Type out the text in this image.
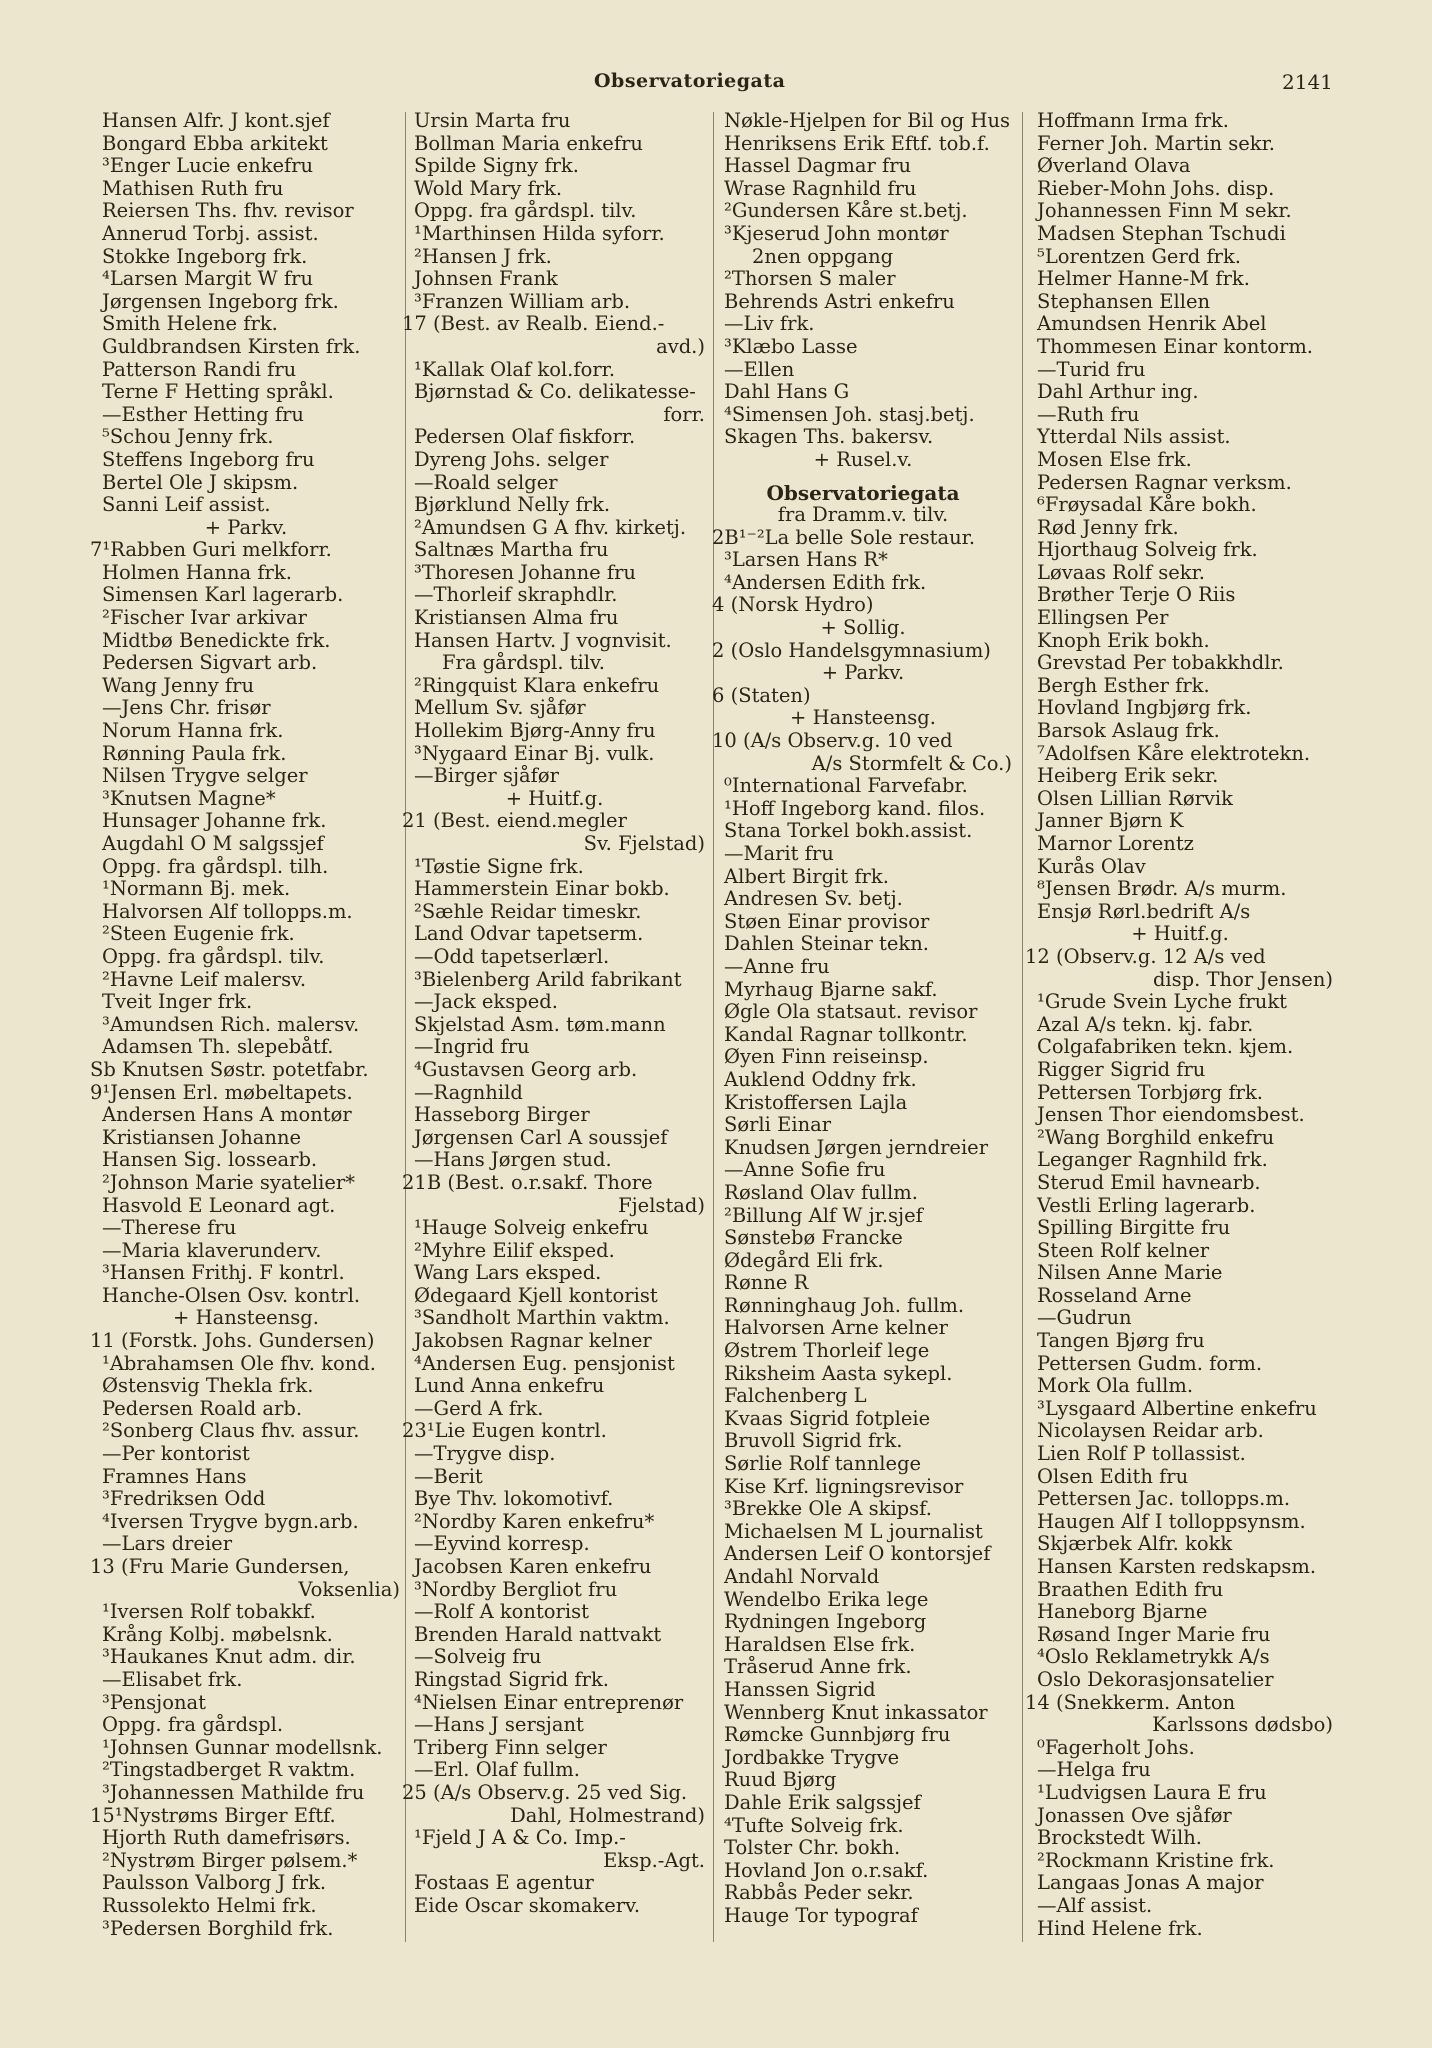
Observatoriegata	2141
Hansen Alfr. J kont.sjef
Bongard Ebba arkitekt
³Enger Lucie enkefru
Mathisen Ruth fru
Reiersen Ths. fhv. revisor
Annerud Torbj. assist.
Stokke Ingeborg frk.
⁴Larsen Margit W fru
Jørgensen Ingeborg frk.
Smith Helene frk.
Guldbrandsen Kirsten frk.
Patterson Randi fru
Terne F Hetting språkl.
—Esther Hetting fru
⁵Schou Jenny frk.
Steffens Ingeborg fru
Bertel Ole J skipsm.
Sanni Leif assist.
+ Parkv.
7¹Rabben Guri melkforr.
Holmen Hanna frk.
Simensen Karl lagerarb.
²Fischer Ivar arkivar
Midtbø Benedickte frk.
Pedersen Sigvart arb.
Wang Jenny fru
—Jens Chr. frisør
Norum Hanna frk.
Rønning Paula frk.
Nilsen Trygve selger
³Knutsen Magne*
Hunsager Johanne frk.
Augdahl O M salgssjef
Oppg. fra gårdspl. tilh.
¹Normann Bj. mek.
Halvorsen Alf tollopps.m.
²Steen Eugenie frk.
Oppg. fra gårdspl. tilv.
²Havne Leif malersv.
Tveit Inger frk.
³Amundsen Rich. malersv.
Adamsen Th. slepebåtf.
Sb Knutsen Søstr. potetfabr.
9¹Jensen Erl. møbeltapets.
Andersen Hans A montør
Kristiansen Johanne
Hansen Sig. lossearb.
²Johnson Marie syatelier*
Hasvold E Leonard agt.
—Therese fru
—Maria klaverunderv.
³Hansen Frithj. F kontrl.
Hanche-Olsen Osv. kontrl.
+ Hansteensg.
11 (Forstk. Johs. Gundersen)
¹Abrahamsen Ole fhv. kond.
Østensvig Thekla frk.
Pedersen Roald arb.
²Sonberg Claus fhv. assur.
—Per kontorist
Framnes Hans
³Fredriksen Odd
⁴Iversen Trygve bygn.arb.
—Lars dreier
13 (Fru Marie Gundersen,
Voksenlia)
¹Iversen Rolf tobakkf.
Krång Kolbj. møbelsnk.
³Haukanes Knut adm. dir.
—Elisabet frk.
³Pensjonat
Oppg. fra gårdspl.
¹Johnsen Gunnar modellsnk.
²Tingstadberget R vaktm.
³Johannessen Mathilde fru
15¹Nystrøms Birger Eftf.
Hjorth Ruth damefrisørs.
²Nystrøm Birger pølsem.*
Paulsson Valborg J frk.
Russolekto Helmi frk.
³Pedersen Borghild frk.
Ursin Marta fru
Bollman Maria enkefru
Spilde Signy frk.
Wold Mary frk.
Oppg. fra gårdspl. tilv.
¹Marthinsen Hilda syforr.
²Hansen J frk.
Johnsen Frank
³Franzen William arb.
17 (Best. av Realb. Eiend.-
avd.)
¹Kallak Olaf kol.forr.
Bjørnstad & Co. delikatesse-
forr.
Pedersen Olaf fiskforr.
Dyreng Johs. selger
—Roald selger
Bjørklund Nelly frk.
²Amundsen G A fhv. kirketj.
Saltnæs Martha fru
³Thoresen Johanne fru
—Thorleif skraphdlr.
Kristiansen Alma fru
Hansen Hartv. J vognvisit.
Fra gårdspl. tilv.
²Ringquist Klara enkefru
Mellum Sv. sjåfør
Hollekim Bjørg-Anny fru
³Nygaard Einar Bj. vulk.
—Birger sjåfør
+ Huitf.g.
21 (Best. eiend.megler
Sv. Fjelstad)
¹Tøstie Signe frk.
Hammerstein Einar bokb.
²Sæhle Reidar timeskr.
Land Odvar tapetserm.
—Odd tapetserlærl.
³Bielenberg Arild fabrikant
—Jack eksped.
Skjelstad Asm. tøm.mann
—Ingrid fru
⁴Gustavsen Georg arb.
—Ragnhild
Hasseborg Birger
Jørgensen Carl A soussjef
—Hans Jørgen stud.
21B (Best. o.r.sakf. Thore
Fjelstad)
¹Hauge Solveig enkefru
²Myhre Eilif eksped.
Wang Lars eksped.
Ødegaard Kjell kontorist
³Sandholt Marthin vaktm.
Jakobsen Ragnar kelner
⁴Andersen Eug. pensjonist
Lund Anna enkefru
—Gerd A frk.
23¹Lie Eugen kontrl.
—Trygve disp.
—Berit
Bye Thv. lokomotivf.
²Nordby Karen enkefru*
—Eyvind korresp.
Jacobsen Karen enkefru
³Nordby Bergliot fru
—Rolf A kontorist
Brenden Harald nattvakt
—Solveig fru
Ringstad Sigrid frk.
⁴Nielsen Einar entreprenør
—Hans J sersjant
Triberg Finn selger
—Erl. Olaf fullm.
25 (A/s Observ.g. 25 ved Sig.
Dahl, Holmestrand)
¹Fjeld J A & Co. Imp.-
Eksp.-Agt.
Fostaas E agentur
Eide Oscar skomakerv.
Nøkle-Hjelpen for Bil og Hus
Henriksens Erik Eftf. tob.f.
Hassel Dagmar fru
Wrase Ragnhild fru
²Gundersen Kåre st.betj.
³Kjeserud John montør
2nen oppgang
²Thorsen S maler
Behrends Astri enkefru
—Liv frk.
³Klæbo Lasse
—Ellen
Dahl Hans G
⁴Simensen Joh. stasj.betj.
Skagen Ths. bakersv.
+ Rusel.v.
Observatoriegata
fra Dramm.v. tilv.
2B¹⁻²La belle Sole restaur.
³Larsen Hans R*
⁴Andersen Edith frk.
4 (Norsk Hydro)
+ Sollig.
2 (Oslo Handelsgymnasium)
+ Parkv.
6 (Staten)
+ Hansteensg.
10 (A/s Observ.g. 10 ved
A/s Stormfelt & Co.)
⁰International Farvefabr.
¹Hoff Ingeborg kand. filos.
Stana Torkel bokh.assist.
—Marit fru
Albert Birgit frk.
Andresen Sv. betj.
Støen Einar provisor
Dahlen Steinar tekn.
—Anne fru
Myrhaug Bjarne sakf.
Øgle Ola statsaut. revisor
Kandal Ragnar tollkontr.
Øyen Finn reiseinsp.
Auklend Oddny frk.
Kristoffersen Lajla
Sørli Einar
Knudsen Jørgen jerndreier
—Anne Sofie fru
Røsland Olav fullm.
²Billung Alf W jr.sjef
Sønstebø Francke
Ødegård Eli frk.
Rønne R
Rønninghaug Joh. fullm.
Halvorsen Arne kelner
Østrem Thorleif lege
Riksheim Aasta sykepl.
Falchenberg L
Kvaas Sigrid fotpleie
Bruvoll Sigrid frk.
Sørlie Rolf tannlege
Kise Krf. ligningsrevisor
³Brekke Ole A skipsf.
Michaelsen M L journalist
Andersen Leif O kontorsjef
Andahl Norvald
Wendelbo Erika lege
Rydningen Ingeborg
Haraldsen Else frk.
Tråserud Anne frk.
Hanssen Sigrid
Wennberg Knut inkassator
Rømcke Gunnbjørg fru
Jordbakke Trygve
Ruud Bjørg
Dahle Erik salgssjef
⁴Tufte Solveig frk.
Tolster Chr. bokh.
Hovland Jon o.r.sakf.
Rabbås Peder sekr.
Hauge Tor typograf
Hoffmann Irma frk.
Ferner Joh. Martin sekr.
Øverland Olava
Rieber-Mohn Johs. disp.
Johannessen Finn M sekr.
Madsen Stephan Tschudi
⁵Lorentzen Gerd frk.
Helmer Hanne-M frk.
Stephansen Ellen
Amundsen Henrik Abel
Thommesen Einar kontorm.
—Turid fru
Dahl Arthur ing.
—Ruth fru
Ytterdal Nils assist.
Mosen Else frk.
Pedersen Ragnar verksm.
⁶Frøysadal Kåre bokh.
Rød Jenny frk.
Hjorthaug Solveig frk.
Løvaas Rolf sekr.
Brøther Terje O Riis
Ellingsen Per
Knoph Erik bokh.
Grevstad Per tobakkhdlr.
Bergh Esther frk.
Hovland Ingbjørg frk.
Barsok Aslaug frk.
⁷Adolfsen Kåre elektrotekn.
Heiberg Erik sekr.
Olsen Lillian Rørvik
Janner Bjørn K
Marnor Lorentz
Kurås Olav
⁸Jensen Brødr. A/s murm.
Ensjø Rørl.bedrift A/s
+ Huitf.g.
12 (Observ.g. 12 A/s ved
disp. Thor Jensen)
¹Grude Svein Lyche frukt
Azal A/s tekn. kj. fabr.
Colgafabriken tekn. kjem.
Rigger Sigrid fru
Pettersen Torbjørg frk.
Jensen Thor eiendomsbest.
²Wang Borghild enkefru
Leganger Ragnhild frk.
Sterud Emil havnearb.
Vestli Erling lagerarb.
Spilling Birgitte fru
Steen Rolf kelner
Nilsen Anne Marie
Rosseland Arne
—Gudrun
Tangen Bjørg fru
Pettersen Gudm. form.
Mork Ola fullm.
³Lysgaard Albertine enkefru
Nicolaysen Reidar arb.
Lien Rolf P tollassist.
Olsen Edith fru
Pettersen Jac. tollopps.m.
Haugen Alf I tolloppsynsm.
Skjærbek Alfr. kokk
Hansen Karsten redskapsm.
Braathen Edith fru
Haneborg Bjarne
Røsand Inger Marie fru
⁴Oslo Reklametrykk A/s
Oslo Dekorasjonsatelier
14 (Snekkerm. Anton
Karlssons dødsbo)
⁰Fagerholt Johs.
—Helga fru
¹Ludvigsen Laura E fru
Jonassen Ove sjåfør
Brockstedt Wilh.
²Rockmann Kristine frk.
Langaas Jonas A major
—Alf assist.
Hind Helene frk.
